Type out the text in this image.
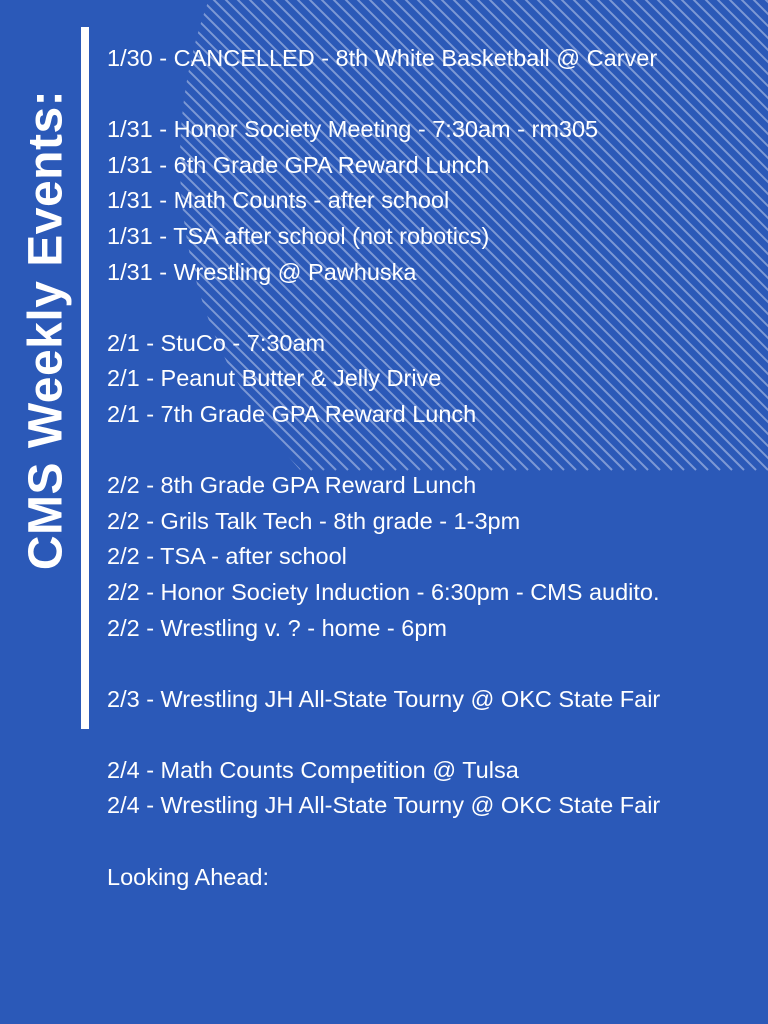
CMS Weekly Events:
1/30 - CANCELLED - 8th White Basketball @ Carver
1/31 - Honor Society Meeting - 7:30am - rm305
1/31 - 6th Grade GPA Reward Lunch
1/31 - Math Counts - after school
1/31 - TSA after school (not robotics)
1/31 - Wrestling @ Pawhuska
2/1 - StuCo - 7:30am
2/1 - Peanut Butter & Jelly Drive
2/1 - 7th Grade GPA Reward Lunch
2/2 - 8th Grade GPA Reward Lunch
2/2 - Grils Talk Tech - 8th grade - 1-3pm
2/2 - TSA - after school
2/2 - Honor Society Induction - 6:30pm - CMS audito.
2/2 - Wrestling v. ? - home - 6pm
2/3 - Wrestling JH All-State Tourny @ OKC State Fair
2/4 - Math Counts Competition @ Tulsa
2/4 - Wrestling JH All-State Tourny @ OKC State Fair
Looking Ahead:
